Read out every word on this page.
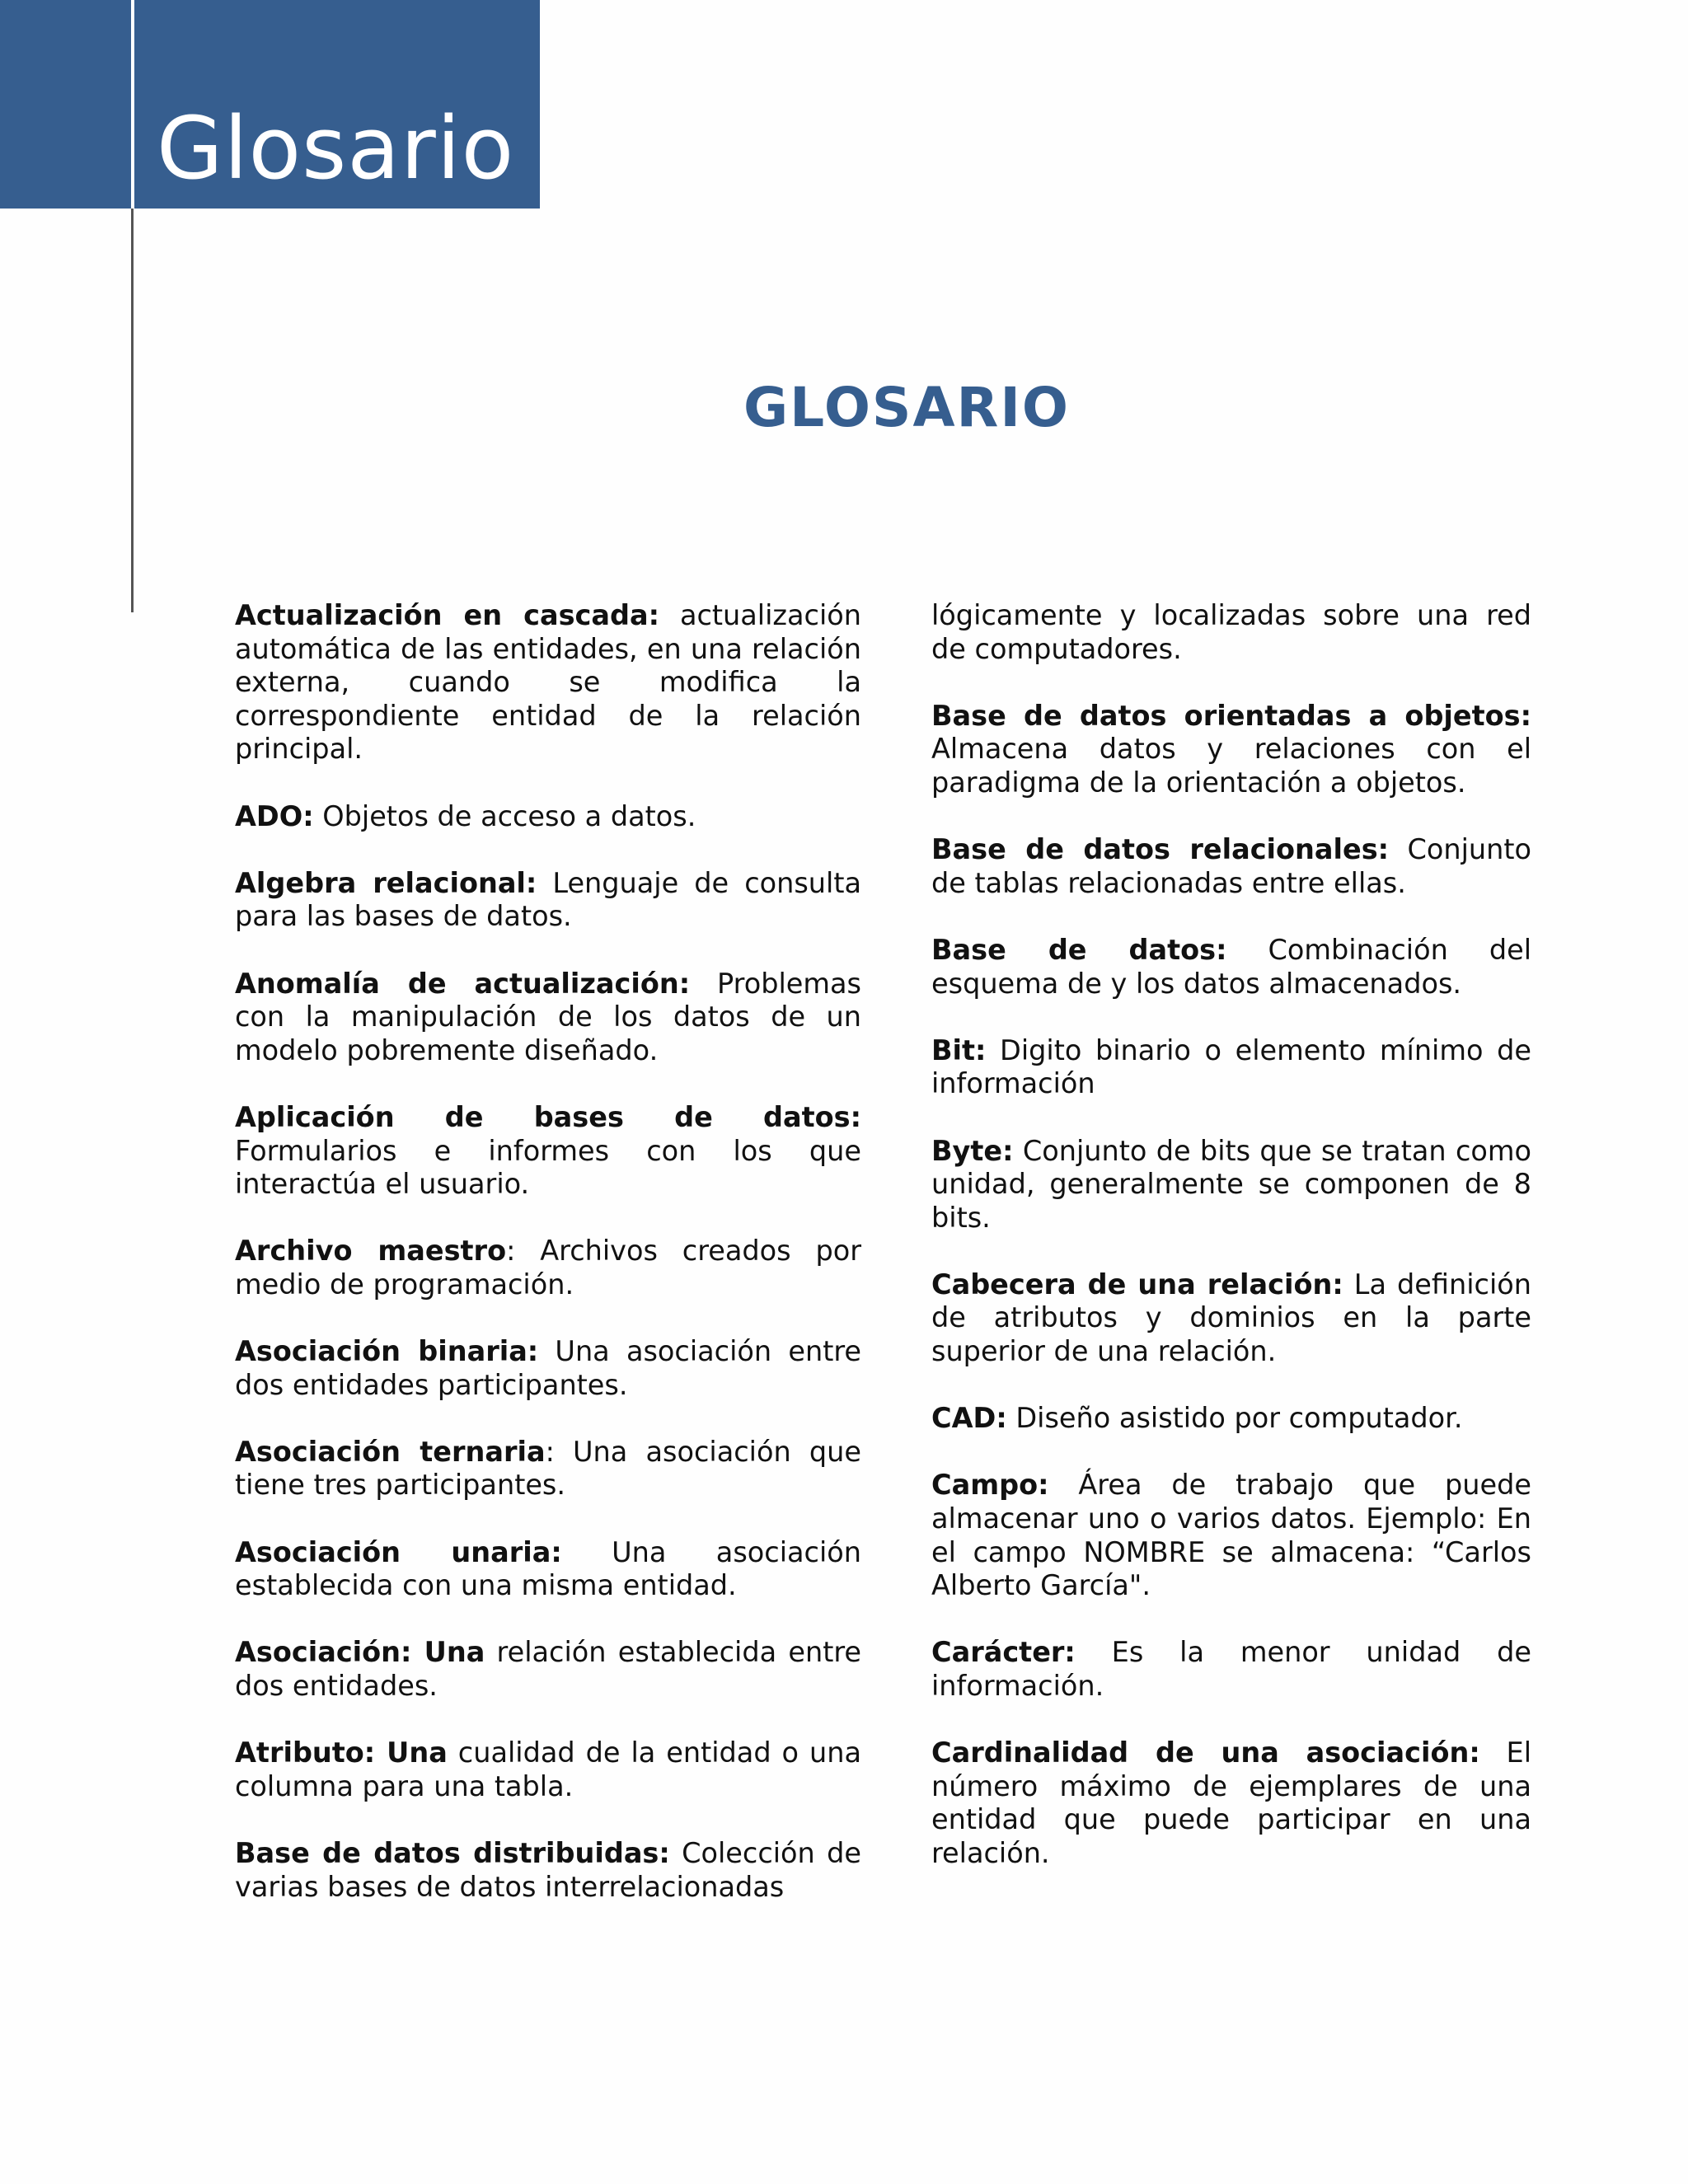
Glosario
GLOSARIO

Actualización en cascada: actualización automática de las entidades, en una relación externa, cuando se modifica la correspondiente entidad de la relación principal.

ADO: Objetos de acceso a datos.

Algebra relacional: Lenguaje de consulta para las bases de datos.

Anomalía de actualización: Problemas con la manipulación de los datos de un modelo pobremente diseñado.

Aplicación de bases de datos: Formularios e informes con los que interactúa el usuario.

Archivo maestro: Archivos creados por medio de programación.

Asociación binaria: Una asociación entre dos entidades participantes.

Asociación ternaria: Una asociación que tiene tres participantes.

Asociación unaria: Una asociación establecida con una misma entidad.

Asociación: Una relación establecida entre dos entidades.

Atributo: Una cualidad de la entidad o una columna para una tabla.

Base de datos distribuidas: Colección de varias bases de datos interrelacionadas

lógicamente y localizadas sobre una red de computadores.

Base de datos orientadas a objetos: Almacena datos y relaciones con el paradigma de la orientación a objetos.

Base de datos relacionales: Conjunto de tablas relacionadas entre ellas.

Base de datos: Combinación del esquema de y los datos almacenados.

Bit: Digito binario o elemento mínimo de información

Byte: Conjunto de bits que se tratan como unidad, generalmente se componen de 8 bits.

Cabecera de una relación: La definición de atributos y dominios en la parte superior de una relación.

CAD: Diseño asistido por computador.

Campo: Área de trabajo que puede almacenar uno o varios datos. Ejemplo: En el campo NOMBRE se almacena: “Carlos Alberto García".

Carácter: Es la menor unidad de información.

Cardinalidad de una asociación: El número máximo de ejemplares de una entidad que puede participar en una relación.
